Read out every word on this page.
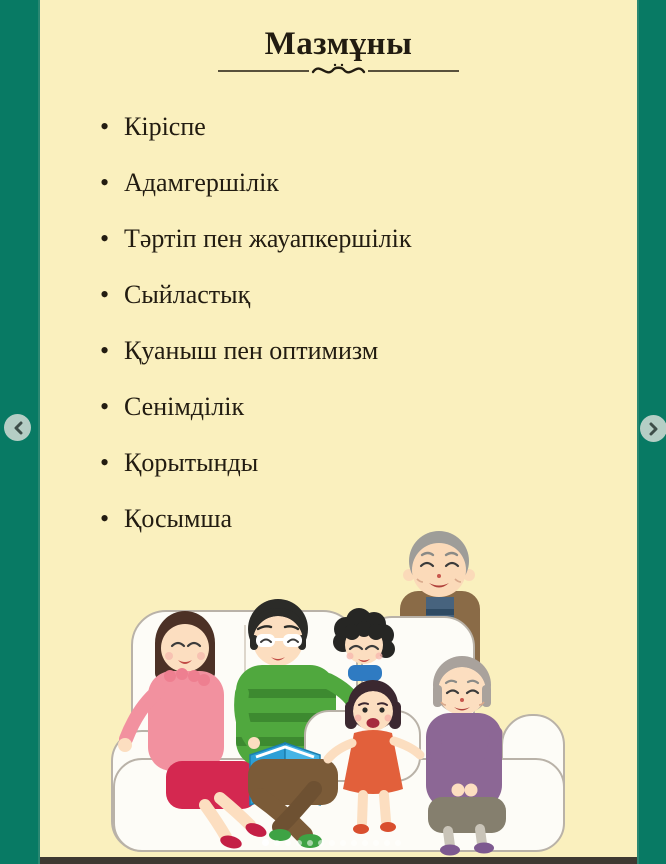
Мазмұны
• Кіріспе
• Адамгершілік
• Тәртіп пен жауапкершілік
• Сыйластық
• Қуаныш пен оптимизм
• Сенімділік
• Қорытынды
• Қосымша
